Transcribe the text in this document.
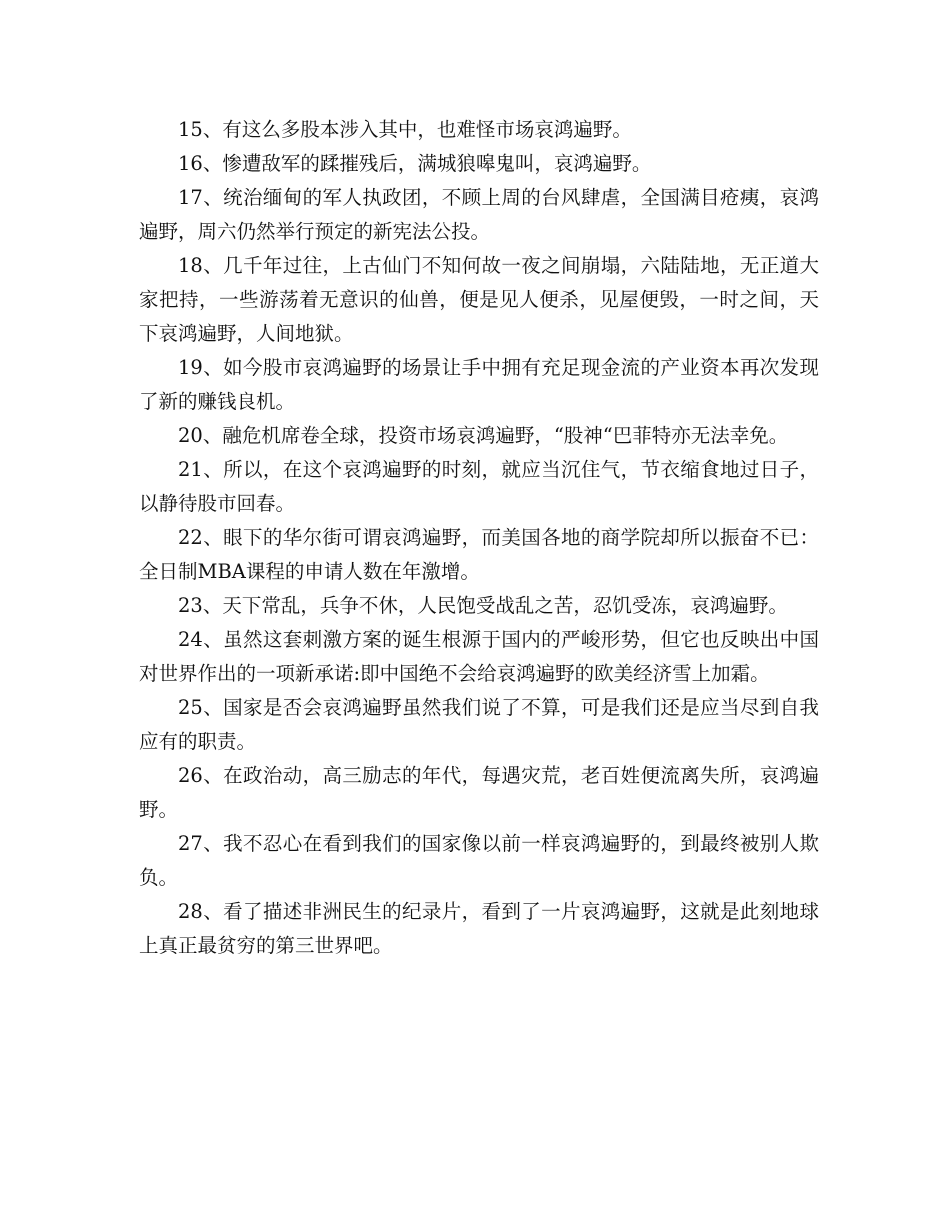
15、有这么多股本涉入其中，也难怪市场哀鸿遍野。

16、惨遭敌军的蹂摧残后，满城狼嗥鬼叫，哀鸿遍野。

17、统治缅甸的军人执政团，不顾上周的台风肆虐，全国满目疮痍，哀鸿遍野，周六仍然举行预定的新宪法公投。

18、几千年过往，上古仙门不知何故一夜之间崩塌，六陆陆地，无正道大家把持，一些游荡着无意识的仙兽，便是见人便杀，见屋便毁，一时之间，天下哀鸿遍野，人间地狱。

19、如今股市哀鸿遍野的场景让手中拥有充足现金流的产业资本再次发现了新的赚钱良机。

20、融危机席卷全球，投资市场哀鸿遍野，“股神“巴菲特亦无法幸免。

21、所以，在这个哀鸿遍野的时刻，就应当沉住气，节衣缩食地过日子，以静待股市回春。

22、眼下的华尔街可谓哀鸿遍野，而美国各地的商学院却所以振奋不已：全日制MBA课程的申请人数在年激增。

23、天下常乱，兵争不休，人民饱受战乱之苦，忍饥受冻，哀鸿遍野。

24、虽然这套刺激方案的诞生根源于国内的严峻形势，但它也反映出中国对世界作出的一项新承诺:即中国绝不会给哀鸿遍野的欧美经济雪上加霜。

25、国家是否会哀鸿遍野虽然我们说了不算，可是我们还是应当尽到自我应有的职责。

26、在政治动，高三励志的年代，每遇灾荒，老百姓便流离失所，哀鸿遍野。

27、我不忍心在看到我们的国家像以前一样哀鸿遍野的，到最终被别人欺负。

28、看了描述非洲民生的纪录片，看到了一片哀鸿遍野，这就是此刻地球上真正最贫穷的第三世界吧。
